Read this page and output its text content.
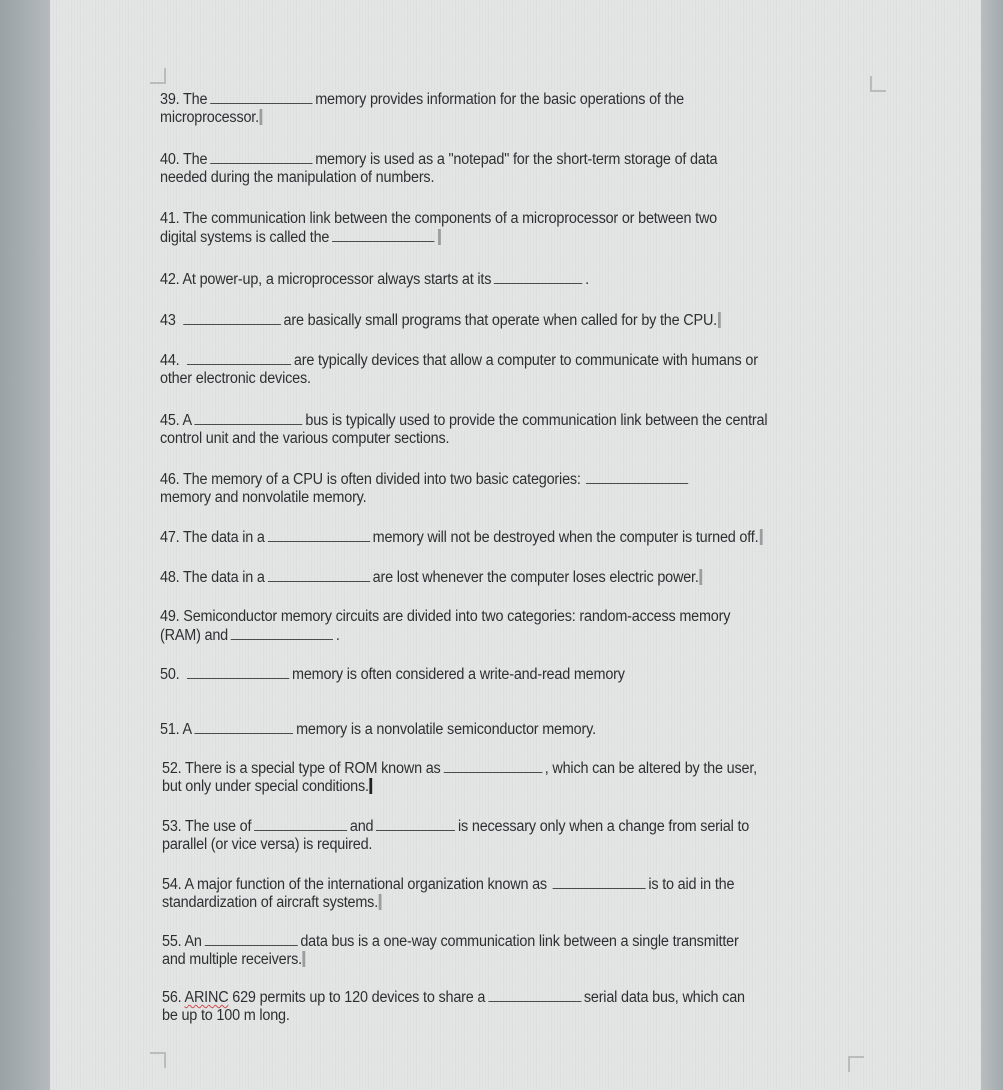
39. The	memory provides information for the basic operations of the
microprocessor.
40. The	memory is used as a "notepad" for the short-term storage of data
needed during the manipulation of numbers.
41. The communication link between the components of a microprocessor or between two
digital systems is called the
42. At power-up, a microprocessor always starts at its	.
43	are basically small programs that operate when called for by the CPU.
44.	are typically devices that allow a computer to communicate with humans or
other electronic devices.
45. A	bus is typically used to provide the communication link between the central
control unit and the various computer sections.
46. The memory of a CPU is often divided into two basic categories:
memory and nonvolatile memory.
47. The data in a	memory will not be destroyed when the computer is turned off.
48. The data in a	are lost whenever the computer loses electric power.
49. Semiconductor memory circuits are divided into two categories: random-access memory
(RAM) and	.
50.	memory is often considered a write-and-read memory
51. A	memory is a nonvolatile semiconductor memory.
52. There is a special type of ROM known as	, which can be altered by the user,
but only under special conditions.
53. The use of	and	is necessary only when a change from serial to
parallel (or vice versa) is required.
54. A major function of the international organization known as	is to aid in the
standardization of aircraft systems.
55. An	data bus is a one-way communication link between a single transmitter
and multiple receivers.
56. ARINC 629 permits up to 120 devices to share a	serial data bus, which can
be up to 100 m long.
